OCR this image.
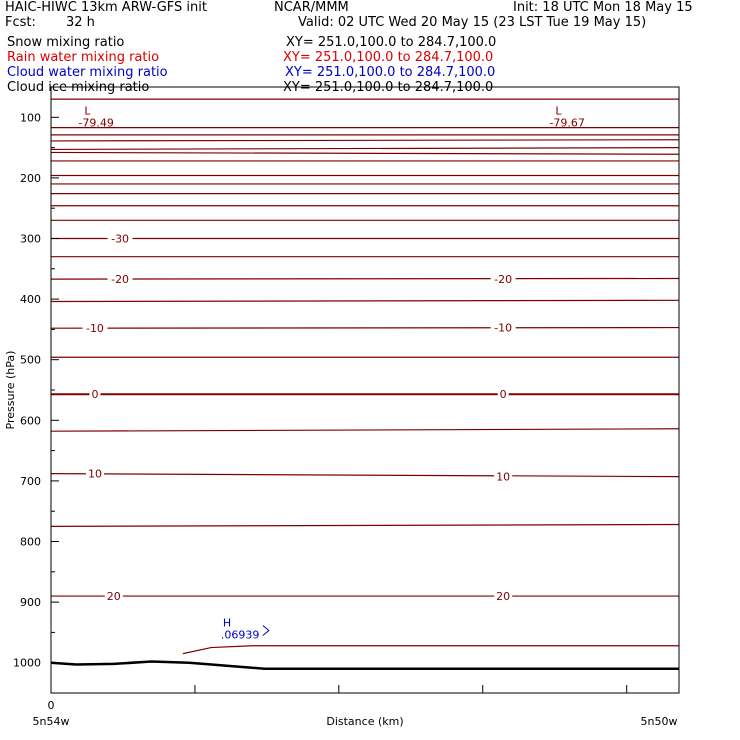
HAIC-HIWC 13km ARW-GFS init	NCAR/MMM	Init: 18 UTC Mon 18 May 15
Fcst: 32 h	Valid: 02 UTC Wed 20 May 15 (23 LST Tue 19 May 15)
Snow mixing ratio	XY= 251.0,100.0 to 284.7,100.0
Rain water mixing ratio	XY= 251.0,100.0 to 284.7,100.0
Cloud water mixing ratio	XY= 251.0,100.0 to 284.7,100.0
Cloud ice mixing ratio	XY= 251.0,100.0 to 284.7,100.0
-30
-20	-20
-10	-10
0	0
10	10
20	20
L
-79.49
L
-79.67
H
.06939
100
200
300
400
500
600
700
800
900
1000
Pressure (hPa)
0
5n54w	5n50w
Distance (km)
